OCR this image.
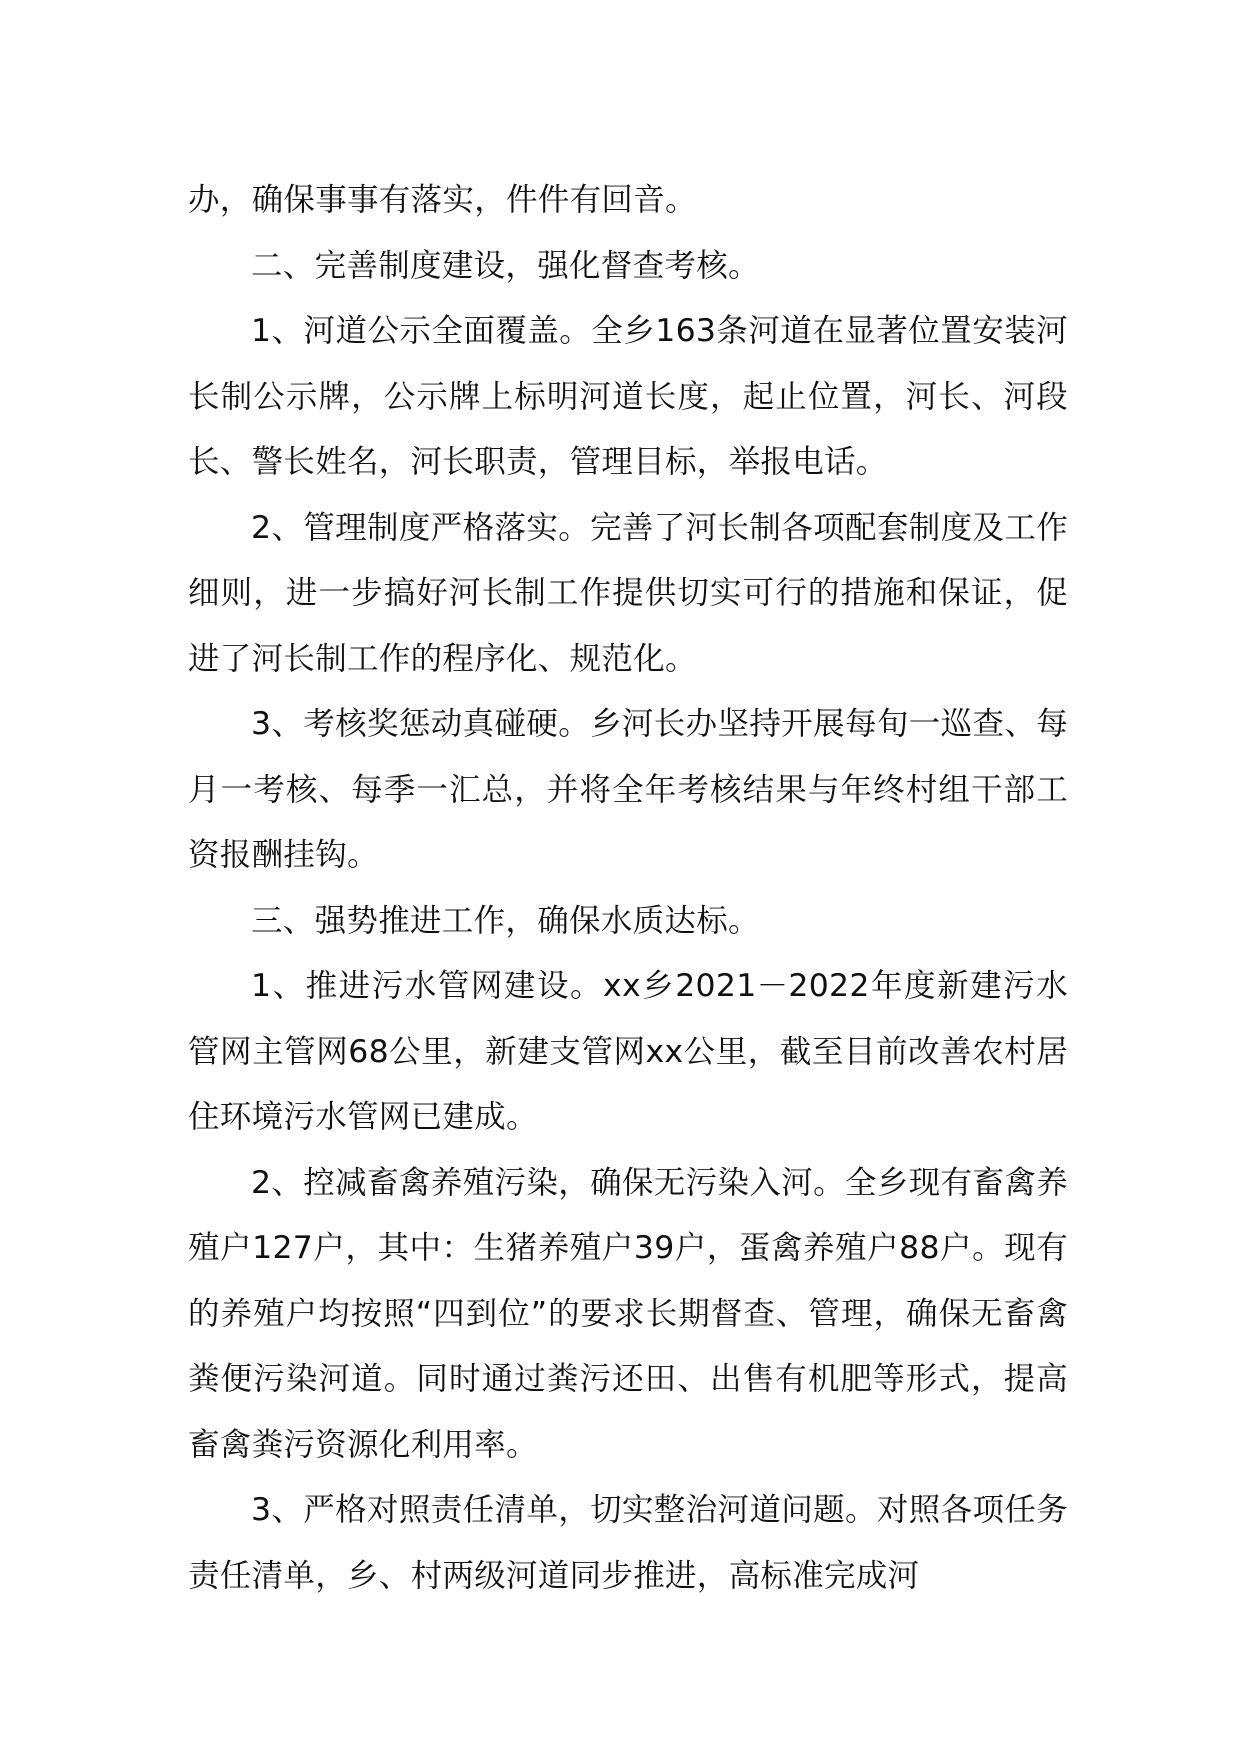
办，确保事事有落实，件件有回音。

二、完善制度建设，强化督查考核。

1、河道公示全面覆盖。全乡163条河道在显著位置安装河长制公示牌，公示牌上标明河道长度，起止位置，河长、河段长、警长姓名，河长职责，管理目标，举报电话。

2、管理制度严格落实。完善了河长制各项配套制度及工作细则，进一步搞好河长制工作提供切实可行的措施和保证，促进了河长制工作的程序化、规范化。

3、考核奖惩动真碰硬。乡河长办坚持开展每旬一巡查、每月一考核、每季一汇总，并将全年考核结果与年终村组干部工资报酬挂钩。

三、强势推进工作，确保水质达标。

1、推进污水管网建设。xx乡2021－2022年度新建污水管网主管网68公里，新建支管网xx公里，截至目前改善农村居住环境污水管网已建成。

2、控减畜禽养殖污染，确保无污染入河。全乡现有畜禽养殖户127户，其中：生猪养殖户39户，蛋禽养殖户88户。现有的养殖户均按照“四到位”的要求长期督查、管理，确保无畜禽粪便污染河道。同时通过粪污还田、出售有机肥等形式，提高畜禽粪污资源化利用率。

3、严格对照责任清单，切实整治河道问题。对照各项任务责任清单，乡、村两级河道同步推进，高标准完成河
